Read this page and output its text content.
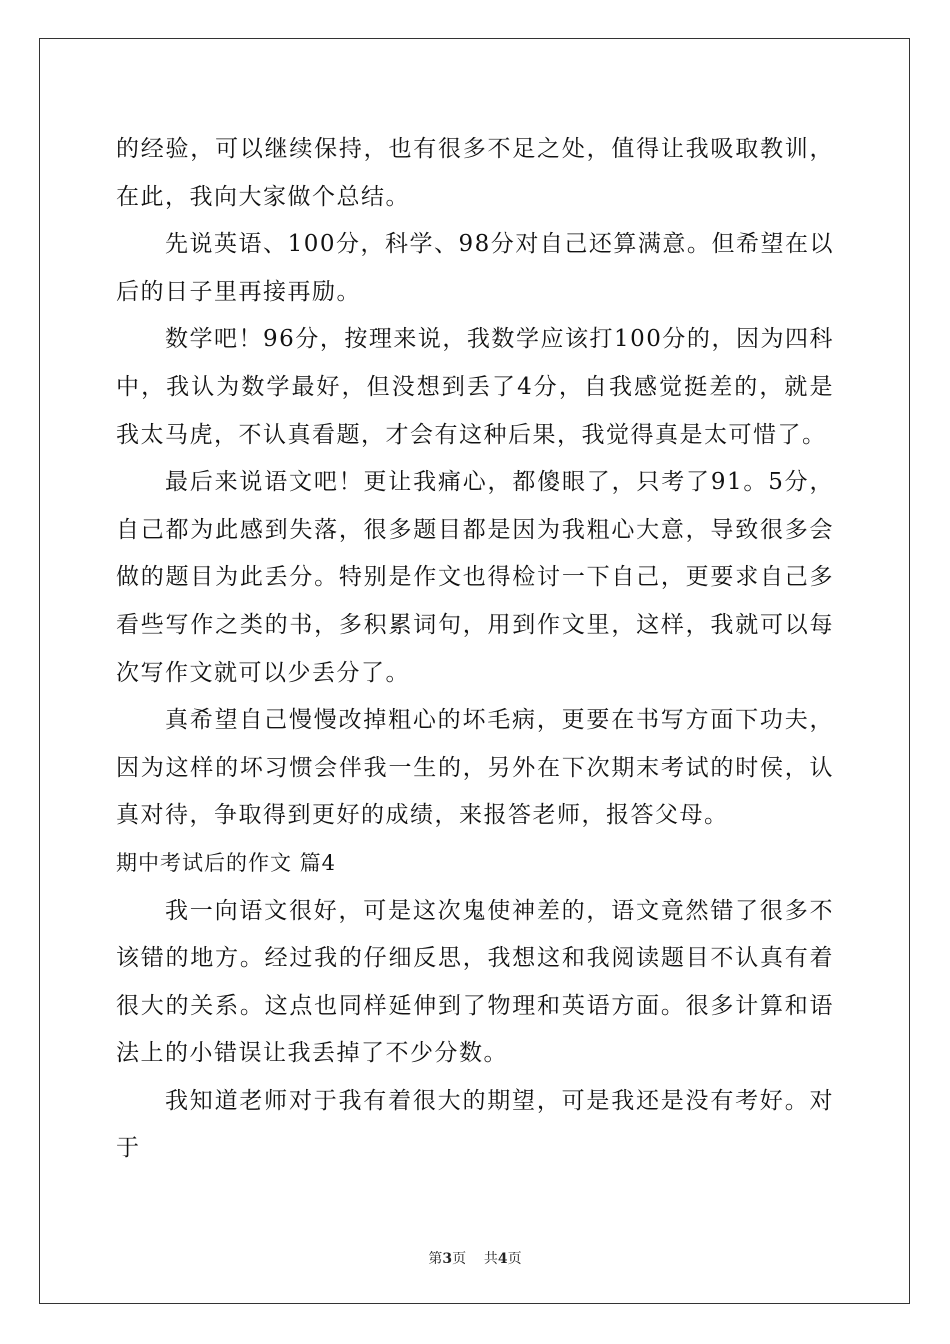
的经验，可以继续保持，也有很多不足之处，值得让我吸取教训，在此，我向大家做个总结。

先说英语、100分，科学、98分对自己还算满意。但希望在以后的日子里再接再励。

数学吧！96分，按理来说，我数学应该打100分的，因为四科中，我认为数学最好，但没想到丢了4分，自我感觉挺差的，就是我太马虎，不认真看题，才会有这种后果，我觉得真是太可惜了。

最后来说语文吧！更让我痛心，都傻眼了，只考了91。5分，自己都为此感到失落，很多题目都是因为我粗心大意，导致很多会做的题目为此丢分。特别是作文也得检讨一下自己，更要求自己多看些写作之类的书，多积累词句，用到作文里，这样，我就可以每次写作文就可以少丢分了。

真希望自己慢慢改掉粗心的坏毛病，更要在书写方面下功夫，因为这样的坏习惯会伴我一生的，另外在下次期末考试的时侯，认真对待，争取得到更好的成绩，来报答老师，报答父母。

期中考试后的作文 篇4

我一向语文很好，可是这次鬼使神差的，语文竟然错了很多不该错的地方。经过我的仔细反思，我想这和我阅读题目不认真有着很大的关系。这点也同样延伸到了物理和英语方面。很多计算和语法上的小错误让我丢掉了不少分数。

我知道老师对于我有着很大的期望，可是我还是没有考好。对于

第3页 共4页
